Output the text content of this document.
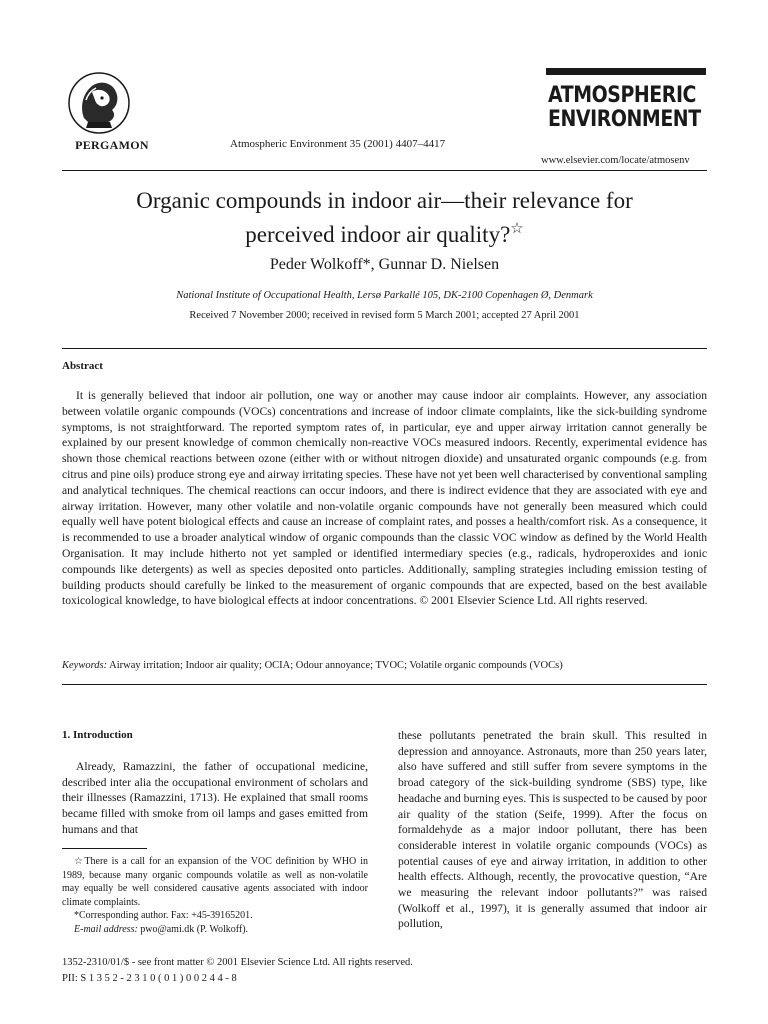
PERGAMON	Atmospheric Environment 35 (2001) 4407–4417
ATMOSPHERIC
ENVIRONMENT
www.elsevier.com/locate/atmosenv
Organic compounds in indoor air—their relevance for
perceived indoor air quality?☆
Peder Wolkoff*, Gunnar D. Nielsen
National Institute of Occupational Health, Lersø Parkallé 105, DK-2100 Copenhagen Ø, Denmark
Received 7 November 2000; received in revised form 5 March 2001; accepted 27 April 2001
Abstract
It is generally believed that indoor air pollution, one way or another may cause indoor air complaints. However, any association between volatile organic compounds (VOCs) concentrations and increase of indoor climate complaints, like the sick-building syndrome symptoms, is not straightforward. The reported symptom rates of, in particular, eye and upper airway irritation cannot generally be explained by our present knowledge of common chemically non-reactive VOCs measured indoors. Recently, experimental evidence has shown those chemical reactions between ozone (either with or without nitrogen dioxide) and unsaturated organic compounds (e.g. from citrus and pine oils) produce strong eye and airway irritating species. These have not yet been well characterised by conventional sampling and analytical techniques. The chemical reactions can occur indoors, and there is indirect evidence that they are associated with eye and airway irritation. However, many other volatile and non-volatile organic compounds have not generally been measured which could equally well have potent biological effects and cause an increase of complaint rates, and posses a health/comfort risk. As a consequence, it is recommended to use a broader analytical window of organic compounds than the classic VOC window as defined by the World Health Organisation. It may include hitherto not yet sampled or identified intermediary species (e.g., radicals, hydroperoxides and ionic compounds like detergents) as well as species deposited onto particles. Additionally, sampling strategies including emission testing of building products should carefully be linked to the measurement of organic compounds that are expected, based on the best available toxicological knowledge, to have biological effects at indoor concentrations. © 2001 Elsevier Science Ltd. All rights reserved.
Keywords: Airway irritation; Indoor air quality; OCIA; Odour annoyance; TVOC; Volatile organic compounds (VOCs)
1. Introduction
Already, Ramazzini, the father of occupational medicine, described inter alia the occupational environment of scholars and their illnesses (Ramazzini, 1713). He explained that small rooms became filled with smoke from oil lamps and gases emitted from humans and that
these pollutants penetrated the brain skull. This resulted in depression and annoyance. Astronauts, more than 250 years later, also have suffered and still suffer from severe symptoms in the broad category of the sick-building syndrome (SBS) type, like headache and burning eyes. This is suspected to be caused by poor air quality of the station (Seife, 1999). After the focus on formaldehyde as a major indoor pollutant, there has been considerable interest in volatile organic compounds (VOCs) as potential causes of eye and airway irritation, in addition to other health effects. Although, recently, the provocative question, “Are we measuring the relevant indoor pollutants?” was raised (Wolkoff et al., 1997), it is generally assumed that indoor air pollution,

☆There is a call for an expansion of the VOC definition by WHO in 1989, because many organic compounds volatile as well as non-volatile may equally be well considered causative agents associated with indoor climate complaints.

*Corresponding author. Fax: +45-39165201.

E-mail address: pwo@ami.dk (P. Wolkoff).

1352-2310/01/$ - see front matter © 2001 Elsevier Science Ltd. All rights reserved.
PII: S 1 3 5 2 - 2 3 1 0 ( 0 1 ) 0 0 2 4 4 - 8
